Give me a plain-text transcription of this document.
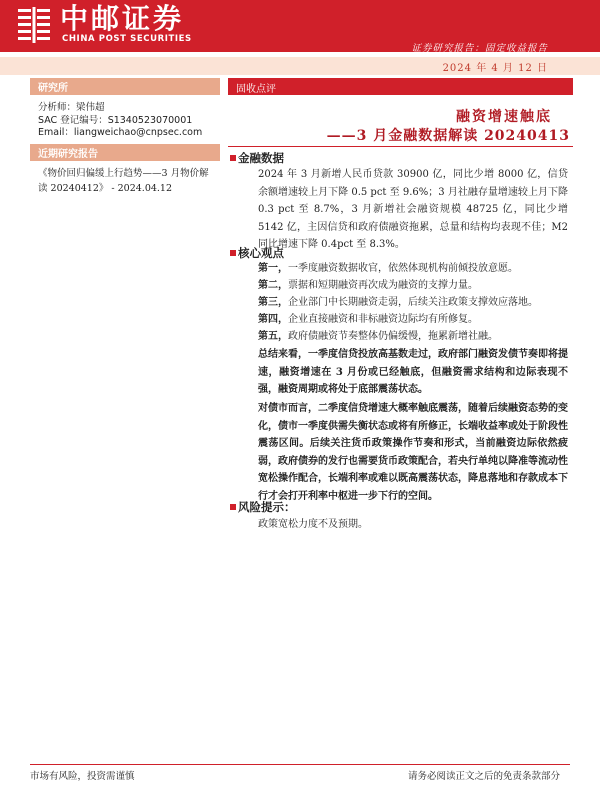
中邮证券
CHINA POST SECURITIES
证券研究报告：固定收益报告
2024 年 4 月 12 日
研究所
分析师：梁伟超
SAC 登记编号：S1340523070001
Email：liangweichao@cnpsec.com
近期研究报告
《物价回归偏缓上行趋势——3 月物价解读 20240412》 - 2024.04.12
固收点评
融资增速触底
——3 月金融数据解读 20240413
金融数据
2024 年 3 月新增人民币贷款 30900 亿，同比少增 8000 亿，信贷余额增速较上月下降 0.5 pct 至 9.6%；3 月社融存量增速较上月下降 0.3 pct 至 8.7%，3 月新增社会融资规模 48725 亿，同比少增 5142 亿，主因信贷和政府债融资拖累，总量和结构均表现不佳；M2 同比增速下降 0.4pct 至 8.3%。
核心观点
第一，一季度融资数据收官，依然体现机构前倾投放意愿。
第二，票据和短期融资再次成为融资的支撑力量。
第三，企业部门中长期融资走弱，后续关注政策支撑效应落地。
第四，企业直接融资和非标融资边际均有所修复。
第五，政府债融资节奏整体仍偏缓慢，拖累新增社融。
总结来看，一季度信贷投放高基数走过，政府部门融资发债节奏即将提速，融资增速在 3 月份或已经触底，但融资需求结构和边际表现不强，融资周期或将处于底部震荡状态。
对债市而言，二季度信贷增速大概率触底震荡，随着后续融资态势的变化，债市一季度供需失衡状态或将有所修正，长端收益率或处于阶段性震荡区间。后续关注货币政策操作节奏和形式，当前融资边际依然疲弱，政府债券的发行也需要货币政策配合，若央行单纯以降准等流动性宽松操作配合，长端利率或难以既高震荡状态，降息落地和存款成本下行才会打开利率中枢进一步下行的空间。
风险提示：
政策宽松力度不及预期。
市场有风险，投资需谨慎	请务必阅读正文之后的免责条款部分
